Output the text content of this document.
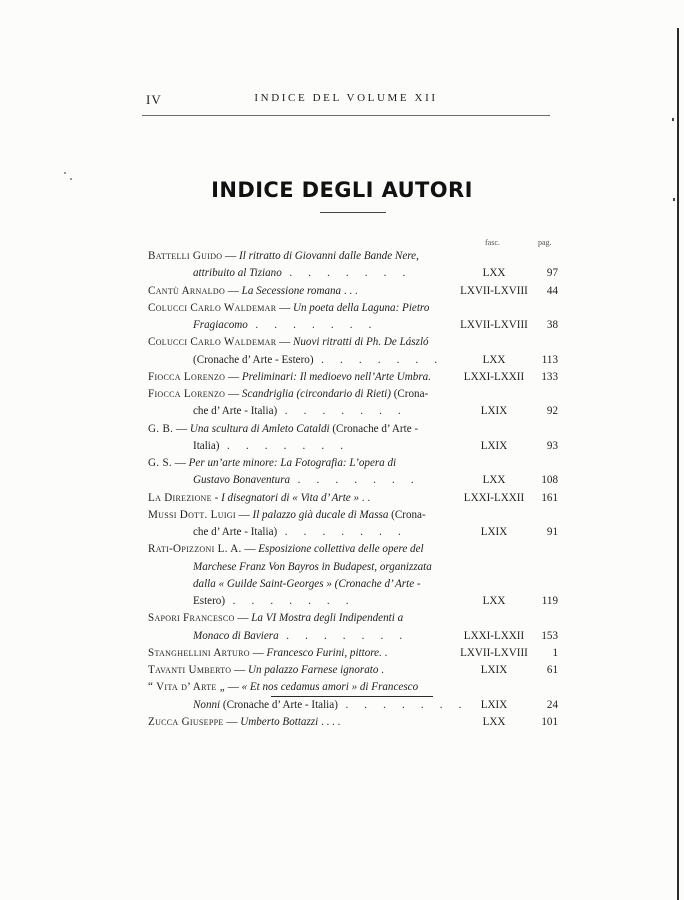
IV	INDICE DEL VOLUME XII
INDICE DEGLI AUTORI
fasc.	pag.
Battelli Guido — Il ritratto di Giovanni dalle Bande Nere,
attribuito al Tiziano .	LXX	97
Cantù Arnaldo — La Secessione romana . . .	LXVII-LXVIII	44
Colucci Carlo Waldemar — Un poeta della Laguna: Pietro
Fragiacomo .	LXVII-LXVIII	38
Colucci Carlo Waldemar — Nuovi ritratti di Ph. De László
(Cronache d’ Arte - Estero) .	LXX	113
Fiocca Lorenzo — Preliminari: Il medioevo nell’Arte Umbra.	LXXI-LXXII	133
Fiocca Lorenzo — Scandriglia (circondario di Rieti) (Crona-
che d’ Arte - Italia) .	LXIX	92
G. B. — Una scultura di Amleto Cataldi (Cronache d’ Arte -
Italia) .	LXIX	93
G. S. — Per un’arte minore: La Fotografia: L’opera di
Gustavo Bonaventura .	LXX	108
La Direzione - I disegnatori di « Vita d’ Arte » . .	LXXI-LXXII	161
Mussi Dott. Luigi — Il palazzo già ducale di Massa (Crona-
che d’ Arte - Italia) .	LXIX	91
Rati-Opizzoni L. A. — Esposizione collettiva delle opere del
Marchese Franz Von Bayros in Budapest, organizzata
dalla « Guilde Saint-Georges » (Cronache d’ Arte -
Estero) .	LXX	119
Sapori Francesco — La VI Mostra degli Indipendenti a
Monaco di Baviera .	LXXI-LXXII	153
Stanghellini Arturo — Francesco Furini, pittore. .	LXVII-LXVIII	1
Tavanti Umberto — Un palazzo Farnese ignorato .	LXIX	61
“ Vita d’ Arte „ — « Et nos cedamus amori » di Francesco
Nonni (Cronache d’ Arte - Italia) .	LXIX	24
Zucca Giuseppe — Umberto Bottazzi . . . .	LXX	101
